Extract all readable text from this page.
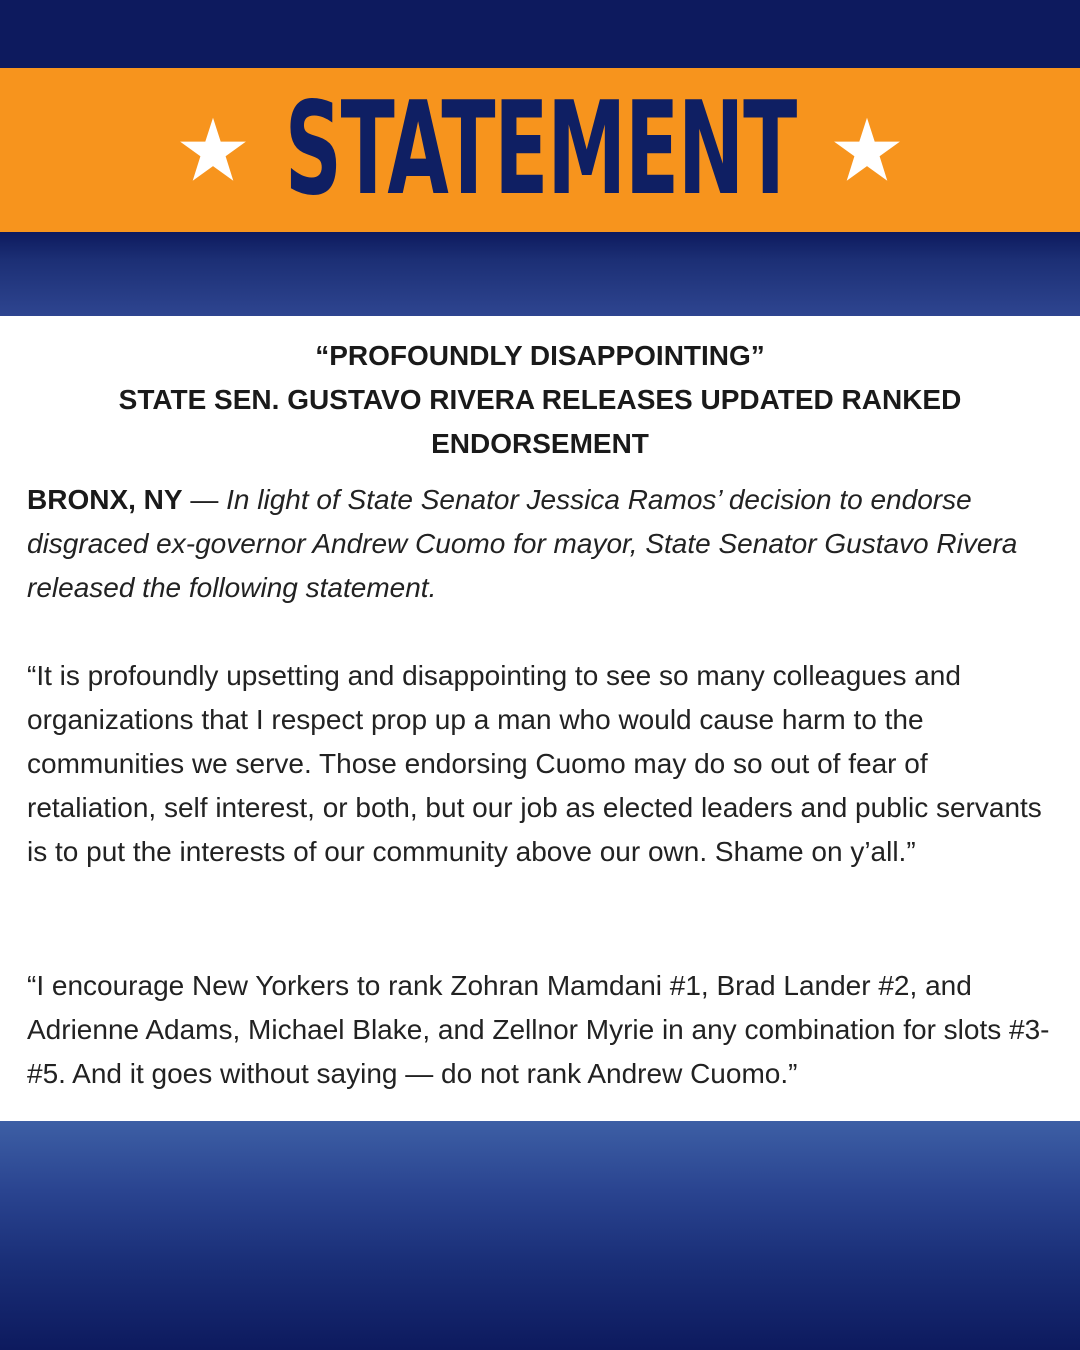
STATEMENT
“PROFOUNDLY DISAPPOINTING”
STATE SEN. GUSTAVO RIVERA RELEASES UPDATED RANKED
ENDORSEMENT

BRONX, NY — In light of State Senator Jessica Ramos’ decision to endorse disgraced ex-governor Andrew Cuomo for mayor, State Senator Gustavo Rivera released the following statement.

“It is profoundly upsetting and disappointing to see so many colleagues and organizations that I respect prop up a man who would cause harm to the communities we serve. Those endorsing Cuomo may do so out of fear of retaliation, self interest, or both, but our job as elected leaders and public servants is to put the interests of our community above our own. Shame on y’all.”

“I encourage New Yorkers to rank Zohran Mamdani #1, Brad Lander #2, and Adrienne Adams, Michael Blake, and Zellnor Myrie in any combination for slots #3-#5. And it goes without saying — do not rank Andrew Cuomo.”
